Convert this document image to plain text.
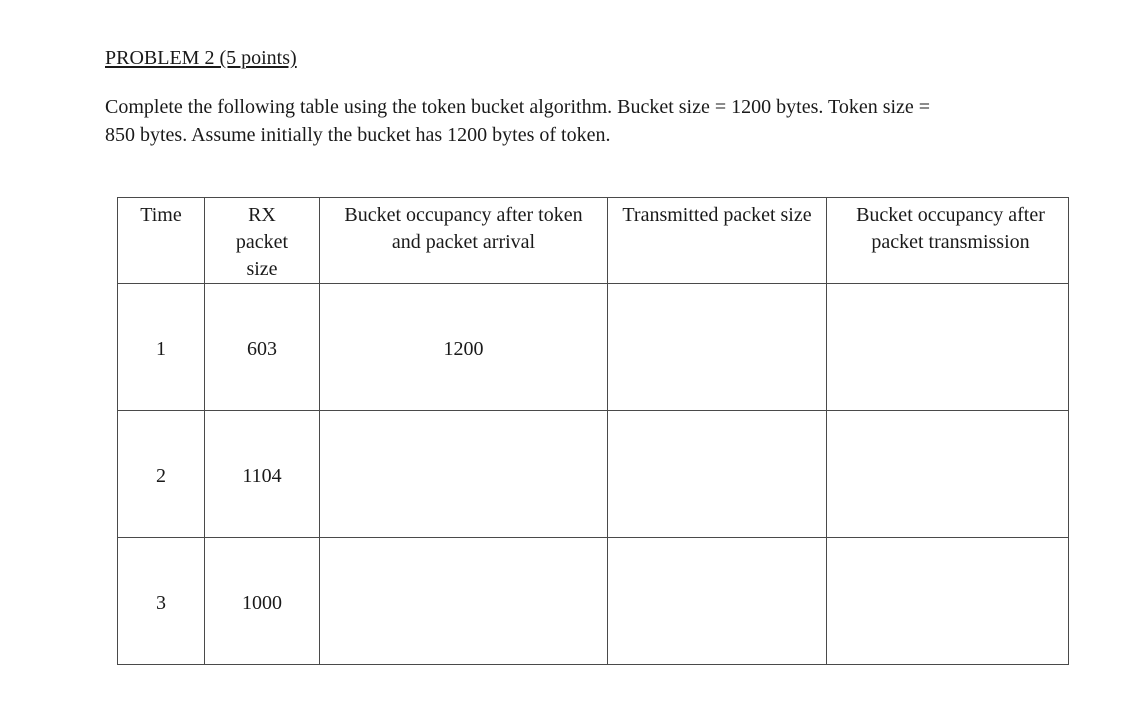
PROBLEM 2 (5 points)
Complete the following table using the token bucket algorithm. Bucket size = 1200 bytes. Token size =
850 bytes. Assume initially the bucket has 1200 bytes of token.
Time	RX packet size	Bucket occupancy after token and packet arrival	Transmitted packet size	Bucket occupancy after packet transmission
1	603	1200		
2	1104			
3	1000			
